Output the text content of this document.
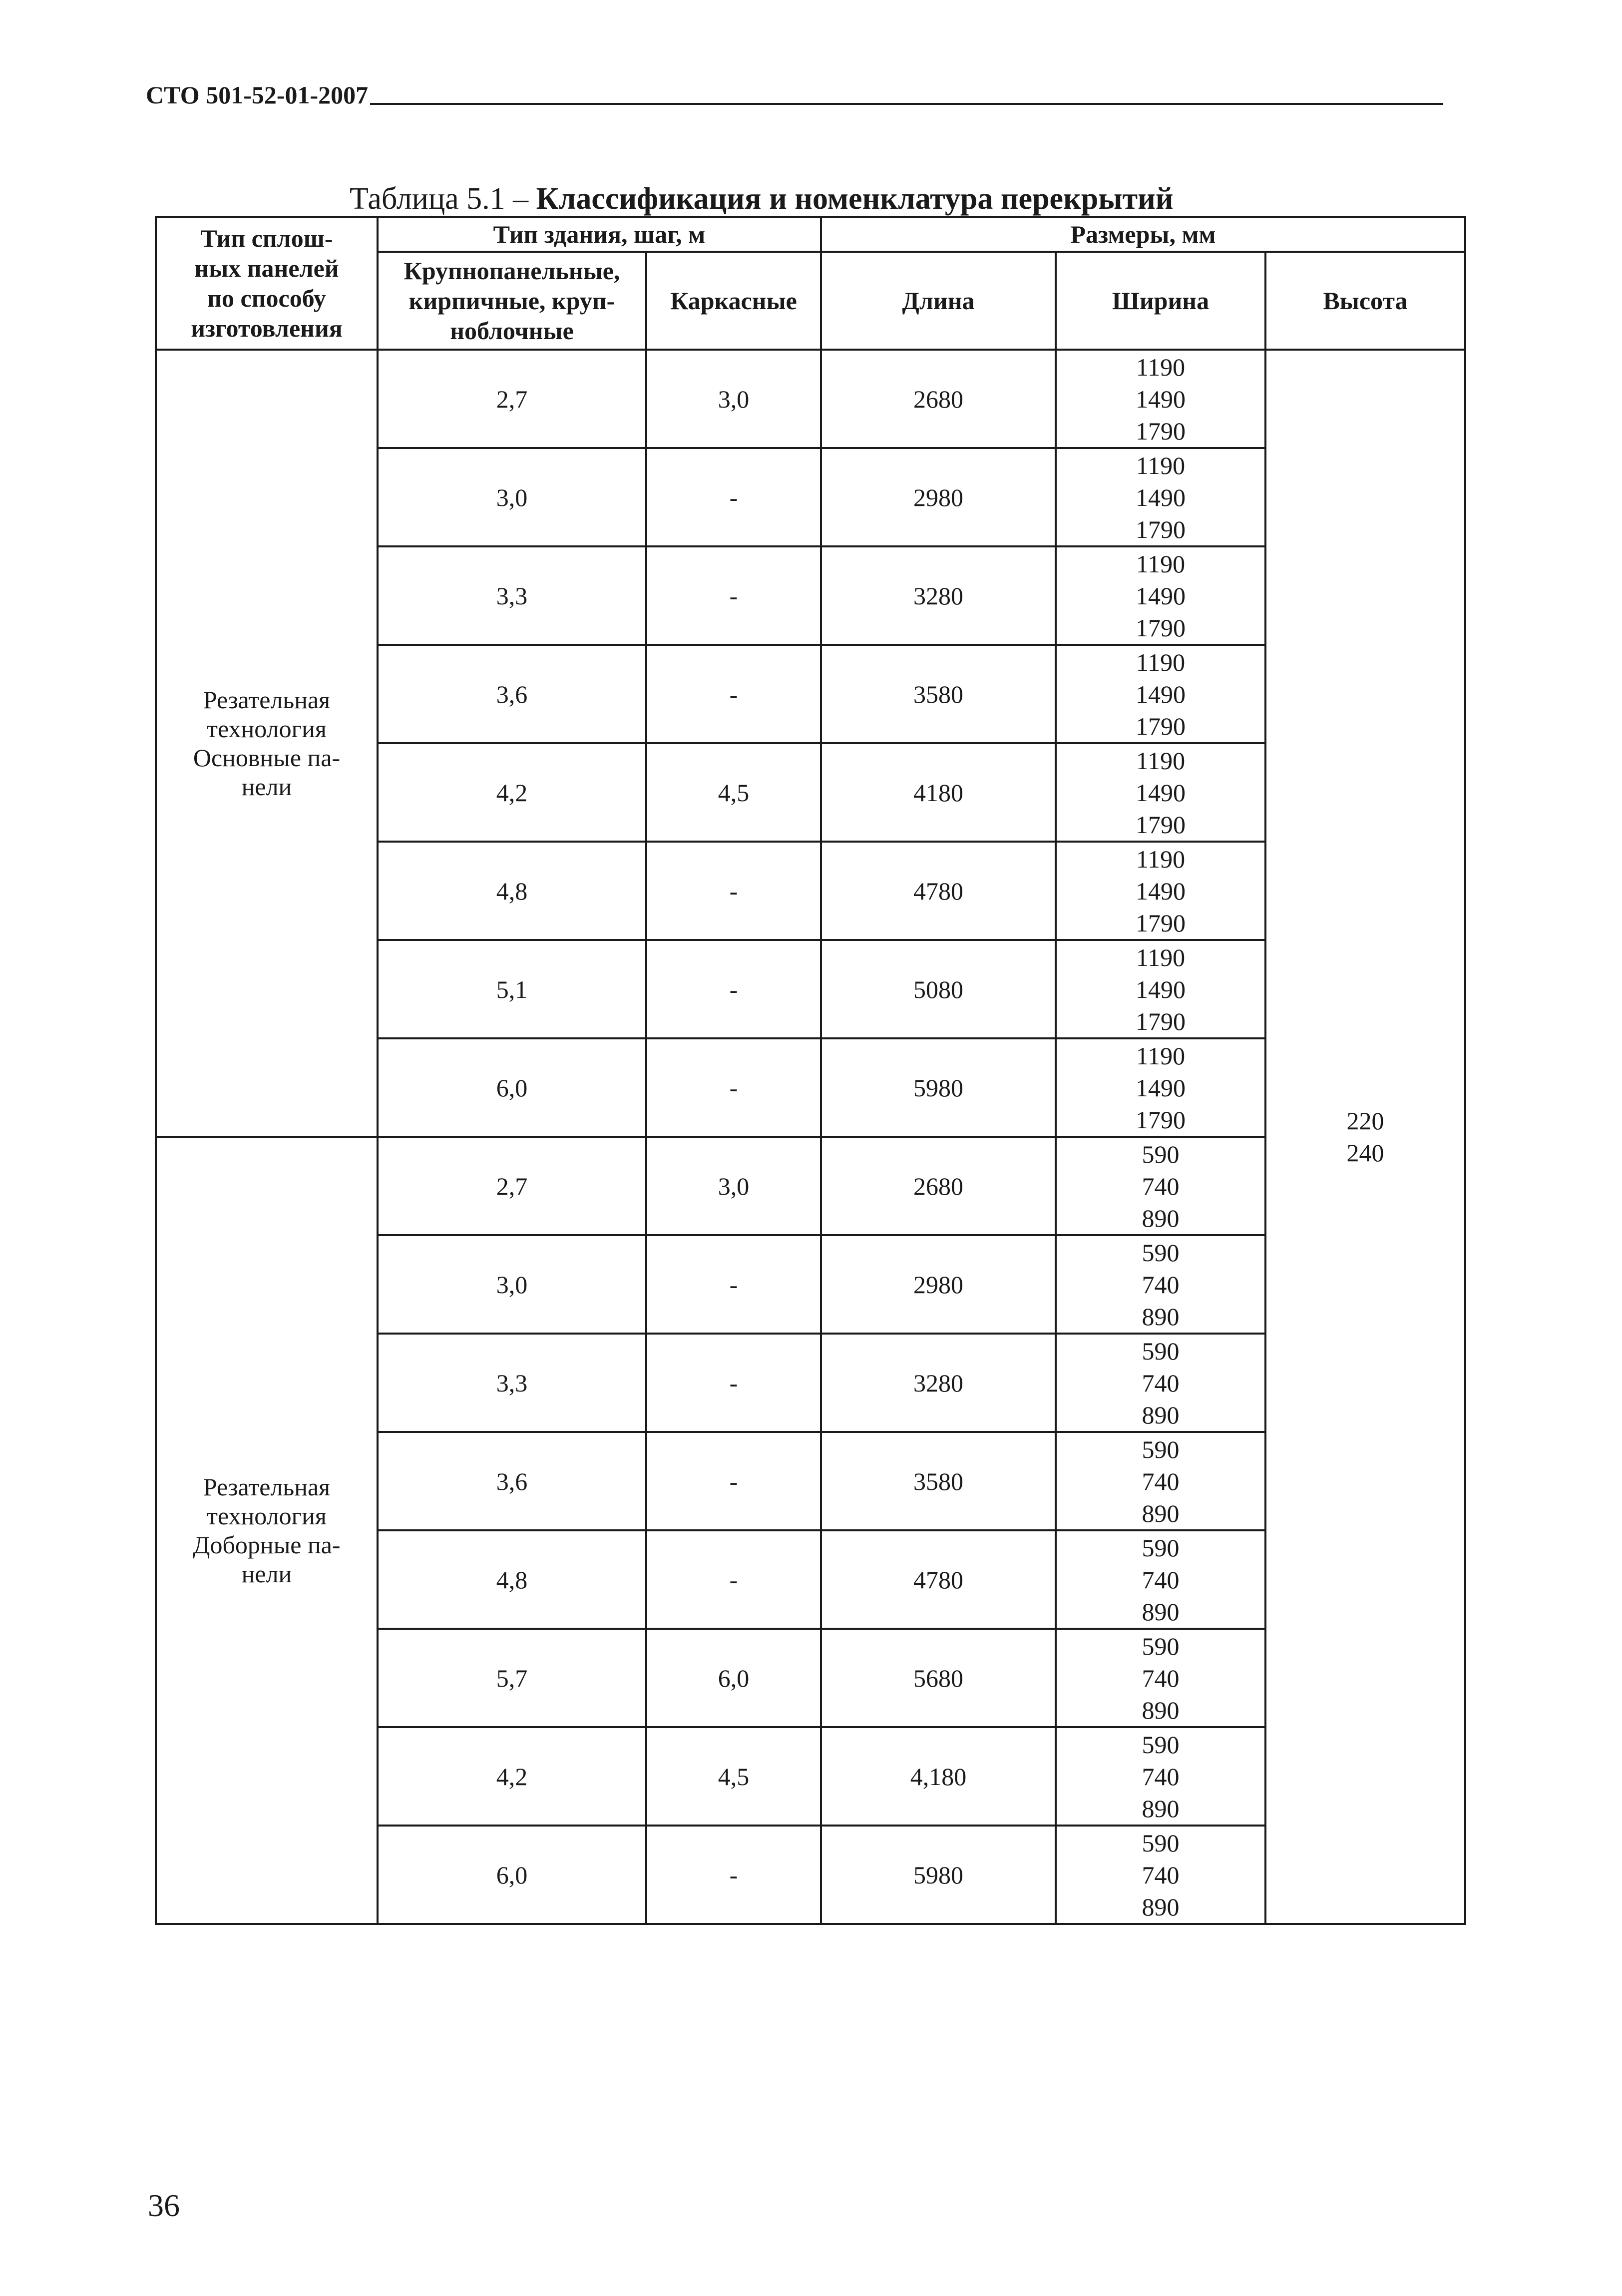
СТО 501-52-01-2007
Таблица 5.1 – Классификация и номенклатура перекрытий
Тип сплош-
ных панелей
по способу
изготовления	Тип здания, шаг, м		Размеры, мм		

	Крупнопанельные,
кирпичные, круп-
ноблочные	Каркасные	Длина	Ширина	Высота

Резательная
технология
Основные па-
нели	2,7	3,0	2680	1190
1490
1790	220
240

	3,0	-	2980	1190
1490
1790	

	3,3	-	3280	1190
1490
1790	

	3,6	-	3580	1190
1490
1790	

	4,2	4,5	4180	1190
1490
1790	

	4,8	-	4780	1190
1490
1790	

	5,1	-	5080	1190
1490
1790	

	6,0	-	5980	1190
1490
1790	

Резательная
технология
Доборные па-
нели	2,7	3,0	2680	590
740
890	

	3,0	-	2980	590
740
890	

	3,3	-	3280	590
740
890	

	3,6	-	3580	590
740
890	

	4,8	-	4780	590
740
890	

	5,7	6,0	5680	590
740
890	

	4,2	4,5	4,180	590
740
890	

	6,0	-	5980	590
740
890	
36
